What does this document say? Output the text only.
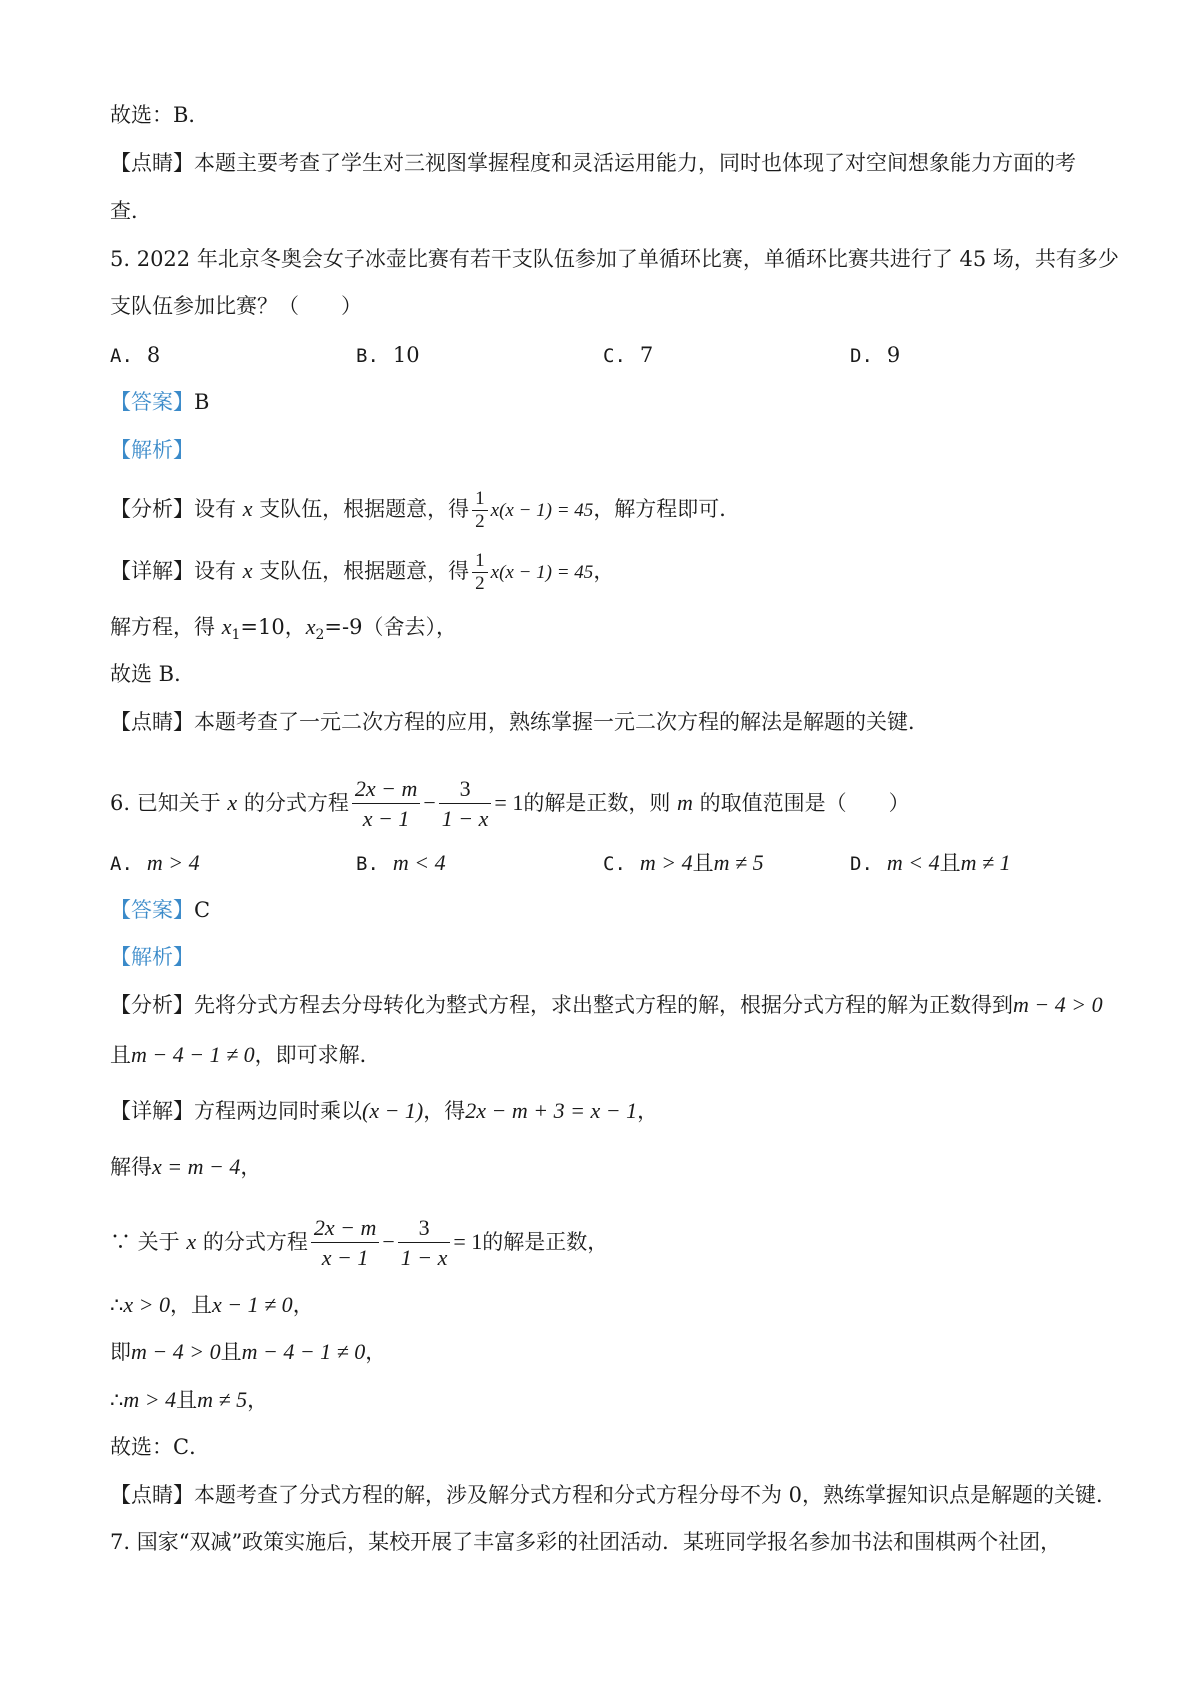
故选：B．
【点睛】本题主要考查了学生对三视图掌握程度和灵活运用能力，同时也体现了对空间想象能力方面的考
查．
5. 2022 年北京冬奥会女子冰壶比赛有若干支队伍参加了单循环比赛，单循环比赛共进行了 45 场，共有多少
支队伍参加比赛？（　　）
A. 8	B. 10	C. 7	D. 9
【答案】B
【解析】
【分析】设有 x 支队伍，根据题意，得 $\frac{1}{2} x(x - 1) = 45$，解方程即可．
【详解】设有 x 支队伍，根据题意，得 $\frac{1}{2} x(x - 1) = 45$，
解方程，得 $x_1=10$，$x_2=-9$（舍去），
故选 B．
【点睛】本题考查了一元二次方程的应用，熟练掌握一元二次方程的解法是解题的关键．
6. 已知关于 x 的分式方程 $\frac{2x - m}{x - 1} - \frac{3}{1 - x} = 1$的解是正数，则 m 的取值范围是（　　）
A. m > 4	B. m < 4	C. m > 4且m ≠ 5	D. m < 4且m ≠ 1
【答案】C
【解析】
【分析】先将分式方程去分母转化为整式方程，求出整式方程的解，根据分式方程的解为正数得到m − 4 > 0
且m − 4 − 1 ≠ 0，即可求解．
【详解】方程两边同时乘以(x − 1)，得2x − m + 3 = x − 1，
解得x = m − 4，
∵ 关于 x 的分式方程 $\frac{2x - m}{x - 1} - \frac{3}{1 - x} = 1$的解是正数，
∴x > 0，且x − 1 ≠ 0，
即m − 4 > 0且m − 4 − 1 ≠ 0，
∴m > 4且m ≠ 5，
故选：C．
【点睛】本题考查了分式方程的解，涉及解分式方程和分式方程分母不为 0，熟练掌握知识点是解题的关键．
7. 国家“双减”政策实施后，某校开展了丰富多彩的社团活动．某班同学报名参加书法和围棋两个社团，
